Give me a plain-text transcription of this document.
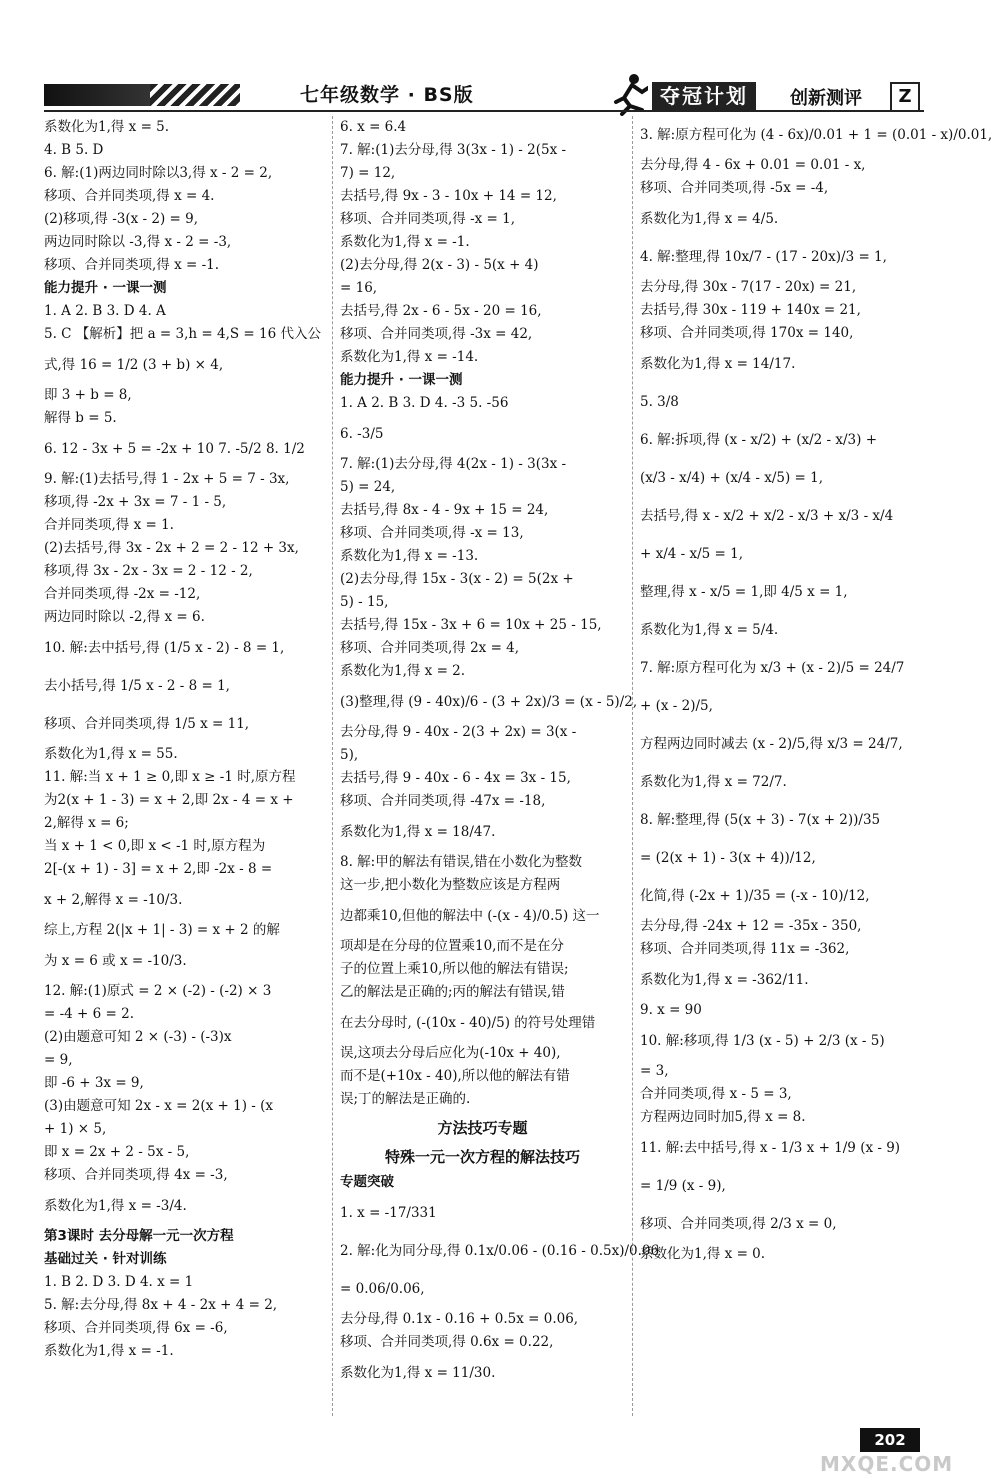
七年级数学 · BS版	夺冠计划	创新测评	Z
系数化为1,得 x = 5.
4. B 5. D
6. 解:(1)两边同时除以3,得 x - 2 = 2,
移项、合并同类项,得 x = 4.
(2)移项,得 -3(x - 2) = 9,
两边同时除以 -3,得 x - 2 = -3,
移项、合并同类项,得 x = -1.
能力提升 · 一课一测
1. A 2. B 3. D 4. A
5. C 【解析】把 a = 3,h = 4,S = 16 代入公
式,得 16 = 1/2 (3 + b) × 4,
即 3 + b = 8,
解得 b = 5.
6. 12 - 3x + 5 = -2x + 10 7. -5/2 8. 1/2
9. 解:(1)去括号,得 1 - 2x + 5 = 7 - 3x,
移项,得 -2x + 3x = 7 - 1 - 5,
合并同类项,得 x = 1.
(2)去括号,得 3x - 2x + 2 = 2 - 12 + 3x,
移项,得 3x - 2x - 3x = 2 - 12 - 2,
合并同类项,得 -2x = -12,
两边同时除以 -2,得 x = 6.
10. 解:去中括号,得 (1/5 x - 2) - 8 = 1,
去小括号,得 1/5 x - 2 - 8 = 1,
移项、合并同类项,得 1/5 x = 11,
系数化为1,得 x = 55.
11. 解:当 x + 1 ≥ 0,即 x ≥ -1 时,原方程
为2(x + 1 - 3) = x + 2,即 2x - 4 = x +
2,解得 x = 6;
当 x + 1 < 0,即 x < -1 时,原方程为
2[-(x + 1) - 3] = x + 2,即 -2x - 8 =
x + 2,解得 x = -10/3.
综上,方程 2(|x + 1| - 3) = x + 2 的解
为 x = 6 或 x = -10/3.
12. 解:(1)原式 = 2 × (-2) - (-2) × 3
= -4 + 6 = 2.
(2)由题意可知 2 × (-3) - (-3)x
= 9,
即 -6 + 3x = 9,
(3)由题意可知 2x - x = 2(x + 1) - (x
+ 1) × 5,
即 x = 2x + 2 - 5x - 5,
移项、合并同类项,得 4x = -3,
系数化为1,得 x = -3/4.
第3课时 去分母解一元一次方程
基础过关 · 针对训练
1. B 2. D 3. D 4. x = 1
5. 解:去分母,得 8x + 4 - 2x + 4 = 2,
移项、合并同类项,得 6x = -6,
系数化为1,得 x = -1.
6. x = 6.4
7. 解:(1)去分母,得 3(3x - 1) - 2(5x -
7) = 12,
去括号,得 9x - 3 - 10x + 14 = 12,
移项、合并同类项,得 -x = 1,
系数化为1,得 x = -1.
(2)去分母,得 2(x - 3) - 5(x + 4)
= 16,
去括号,得 2x - 6 - 5x - 20 = 16,
移项、合并同类项,得 -3x = 42,
系数化为1,得 x = -14.
能力提升 · 一课一测
1. A 2. B 3. D 4. -3 5. -56
6. -3/5
7. 解:(1)去分母,得 4(2x - 1) - 3(3x -
5) = 24,
去括号,得 8x - 4 - 9x + 15 = 24,
移项、合并同类项,得 -x = 13,
系数化为1,得 x = -13.
(2)去分母,得 15x - 3(x - 2) = 5(2x +
5) - 15,
去括号,得 15x - 3x + 6 = 10x + 25 - 15,
移项、合并同类项,得 2x = 4,
系数化为1,得 x = 2.
(3)整理,得 (9 - 40x)/6 - (3 + 2x)/3 = (x - 5)/2,
去分母,得 9 - 40x - 2(3 + 2x) = 3(x -
5),
去括号,得 9 - 40x - 6 - 4x = 3x - 15,
移项、合并同类项,得 -47x = -18,
系数化为1,得 x = 18/47.
8. 解:甲的解法有错误,错在小数化为整数
这一步,把小数化为整数应该是方程两
边都乘10,但他的解法中 (-(x - 4)/0.5) 这一
项却是在分母的位置乘10,而不是在分
子的位置上乘10,所以他的解法有错误;
乙的解法是正确的;丙的解法有错误,错
在去分母时, (-(10x - 40)/5) 的符号处理错
误,这项去分母后应化为(-10x + 40),
而不是(+10x - 40),所以他的解法有错
误;丁的解法是正确的.
方法技巧专题
特殊一元一次方程的解法技巧
专题突破
1. x = -17/331
2. 解:化为同分母,得 0.1x/0.06 - (0.16 - 0.5x)/0.06
= 0.06/0.06,
去分母,得 0.1x - 0.16 + 0.5x = 0.06,
移项、合并同类项,得 0.6x = 0.22,
系数化为1,得 x = 11/30.
3. 解:原方程可化为 (4 - 6x)/0.01 + 1 = (0.01 - x)/0.01,
去分母,得 4 - 6x + 0.01 = 0.01 - x,
移项、合并同类项,得 -5x = -4,
系数化为1,得 x = 4/5.
4. 解:整理,得 10x/7 - (17 - 20x)/3 = 1,
去分母,得 30x - 7(17 - 20x) = 21,
去括号,得 30x - 119 + 140x = 21,
移项、合并同类项,得 170x = 140,
系数化为1,得 x = 14/17.
5. 3/8
6. 解:拆项,得 (x - x/2) + (x/2 - x/3) +
(x/3 - x/4) + (x/4 - x/5) = 1,
去括号,得 x - x/2 + x/2 - x/3 + x/3 - x/4
+ x/4 - x/5 = 1,
整理,得 x - x/5 = 1,即 4/5 x = 1,
系数化为1,得 x = 5/4.
7. 解:原方程可化为 x/3 + (x - 2)/5 = 24/7
+ (x - 2)/5,
方程两边同时减去 (x - 2)/5,得 x/3 = 24/7,
系数化为1,得 x = 72/7.
8. 解:整理,得 (5(x + 3) - 7(x + 2))/35
= (2(x + 1) - 3(x + 4))/12,
化简,得 (-2x + 1)/35 = (-x - 10)/12,
去分母,得 -24x + 12 = -35x - 350,
移项、合并同类项,得 11x = -362,
系数化为1,得 x = -362/11.
9. x = 90
10. 解:移项,得 1/3 (x - 5) + 2/3 (x - 5)
= 3,
合并同类项,得 x - 5 = 3,
方程两边同时加5,得 x = 8.
11. 解:去中括号,得 x - 1/3 x + 1/9 (x - 9)
= 1/9 (x - 9),
移项、合并同类项,得 2/3 x = 0,
系数化为1,得 x = 0.
202
MXQE.COM
